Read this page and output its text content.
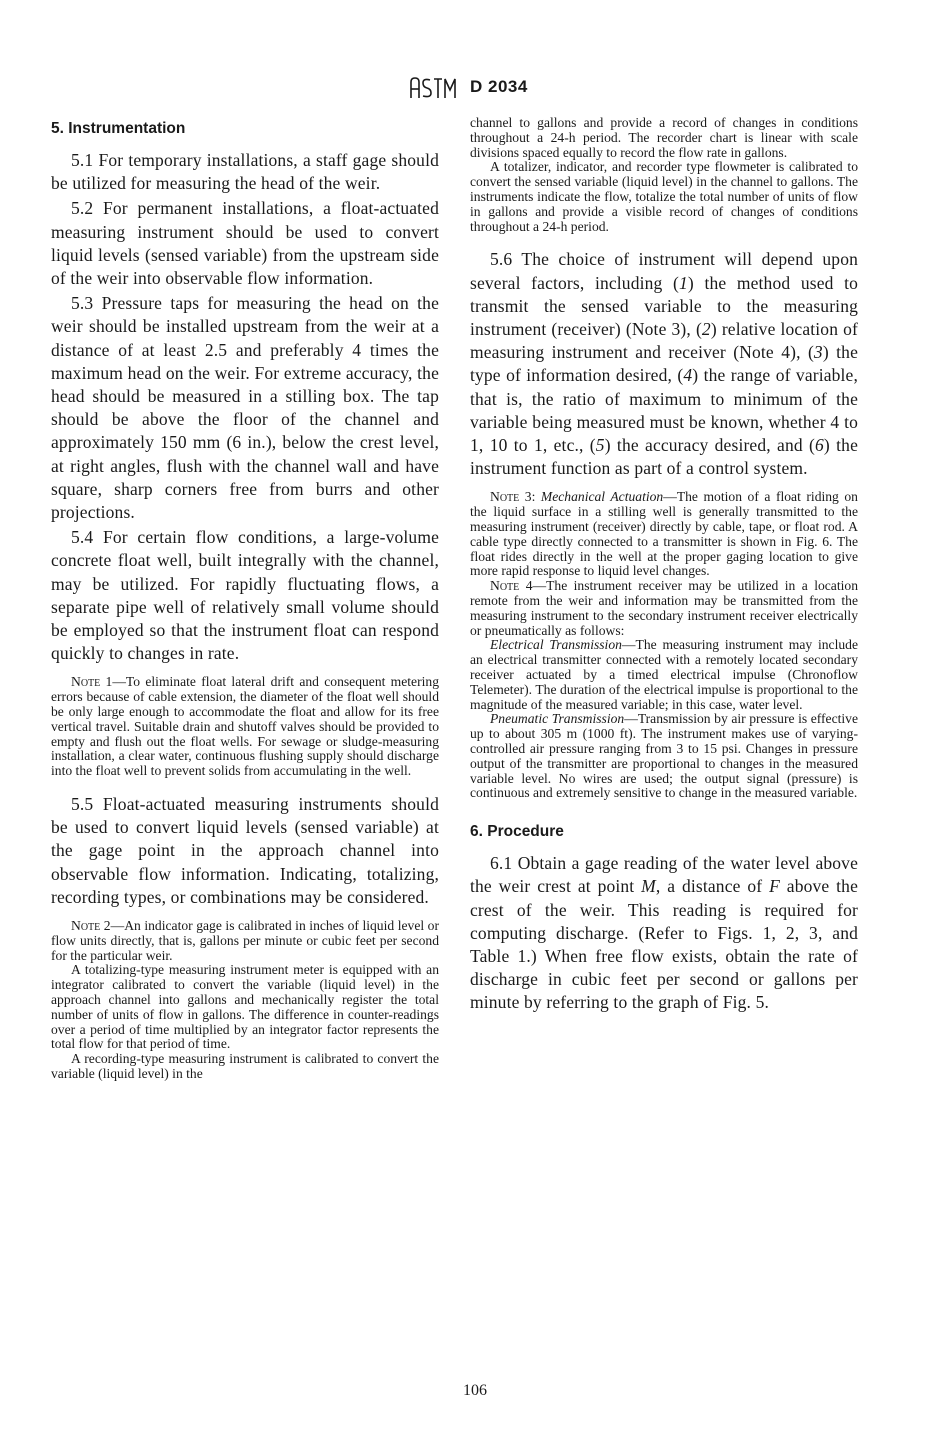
D 2034
5. Instrumentation

5.1 For temporary installations, a staff gage should be utilized for measuring the head of the weir.

5.2 For permanent installations, a float-actuated measuring instrument should be used to convert liquid levels (sensed variable) from the upstream side of the weir into observable flow information.

5.3 Pressure taps for measuring the head on the weir should be installed upstream from the weir at a distance of at least 2.5 and preferably 4 times the maximum head on the weir. For extreme accuracy, the head should be measured in a stilling box. The tap should be above the floor of the channel and approximately 150 mm (6 in.), below the crest level, at right angles, flush with the channel wall and have square, sharp corners free from burrs and other projections.

5.4 For certain flow conditions, a large-volume concrete float well, built integrally with the channel, may be utilized. For rapidly fluctuating flows, a separate pipe well of relatively small volume should be employed so that the instrument float can respond quickly to changes in rate.

Note 1—To eliminate float lateral drift and consequent metering errors because of cable extension, the diameter of the float well should be only large enough to accommodate the float and allow for its free vertical travel. Suitable drain and shutoff valves should be provided to empty and flush out the float wells. For sewage or sludge-measuring installation, a clear water, continuous flushing supply should discharge into the float well to prevent solids from accumulating in the well.

5.5 Float-actuated measuring instruments should be used to convert liquid levels (sensed variable) at the gage point in the approach channel into observable flow information. Indicating, totalizing, recording types, or combinations may be considered.

Note 2—An indicator gage is calibrated in inches of liquid level or flow units directly, that is, gallons per minute or cubic feet per second for the particular weir.

A totalizing-type measuring instrument meter is equipped with an integrator calibrated to convert the variable (liquid level) in the approach channel into gallons and mechanically register the total number of units of flow in gallons. The difference in counter-readings over a period of time multiplied by an integrator factor represents the total flow for that period of time.

A recording-type measuring instrument is calibrated to convert the variable (liquid level) in the

channel to gallons and provide a record of changes in conditions throughout a 24-h period. The recorder chart is linear with scale divisions spaced equally to record the flow rate in gallons.

A totalizer, indicator, and recorder type flowmeter is calibrated to convert the sensed variable (liquid level) in the channel to gallons. The instruments indicate the flow, totalize the total number of units of flow in gallons and provide a visible record of changes of conditions throughout a 24-h period.

5.6 The choice of instrument will depend upon several factors, including (1) the method used to transmit the sensed variable to the measuring instrument (receiver) (Note 3), (2) relative location of measuring instrument and receiver (Note 4), (3) the type of information desired, (4) the range of variable, that is, the ratio of maximum to minimum of the variable being measured must be known, whether 4 to 1, 10 to 1, etc., (5) the accuracy desired, and (6) the instrument function as part of a control system.

Note 3: Mechanical Actuation—The motion of a float riding on the liquid surface in a stilling well is generally transmitted to the measuring instrument (receiver) directly by cable, tape, or float rod. A cable type directly connected to a transmitter is shown in Fig. 6. The float rides directly in the well at the proper gaging location to give more rapid response to liquid level changes.

Note 4—The instrument receiver may be utilized in a location remote from the weir and information may be transmitted from the measuring instrument to the secondary instrument receiver electrically or pneumatically as follows:

Electrical Transmission—The measuring instrument may include an electrical transmitter connected with a remotely located secondary receiver actuated by a timed electrical impulse (Chronoflow Telemeter). The duration of the electrical impulse is proportional to the magnitude of the measured variable; in this case, water level.

Pneumatic Transmission—Transmission by air pressure is effective up to about 305 m (1000 ft). The instrument makes use of varying-controlled air pressure ranging from 3 to 15 psi. Changes in pressure output of the transmitter are proportional to changes in the measured variable level. No wires are used; the output signal (pressure) is continuous and extremely sensitive to change in the measured variable.

6. Procedure

6.1 Obtain a gage reading of the water level above the weir crest at point M, a distance of F above the crest of the weir. This reading is required for computing discharge. (Refer to Figs. 1, 2, 3, and Table 1.) When free flow exists, obtain the rate of discharge in cubic feet per second or gallons per minute by referring to the graph of Fig. 5.

106
